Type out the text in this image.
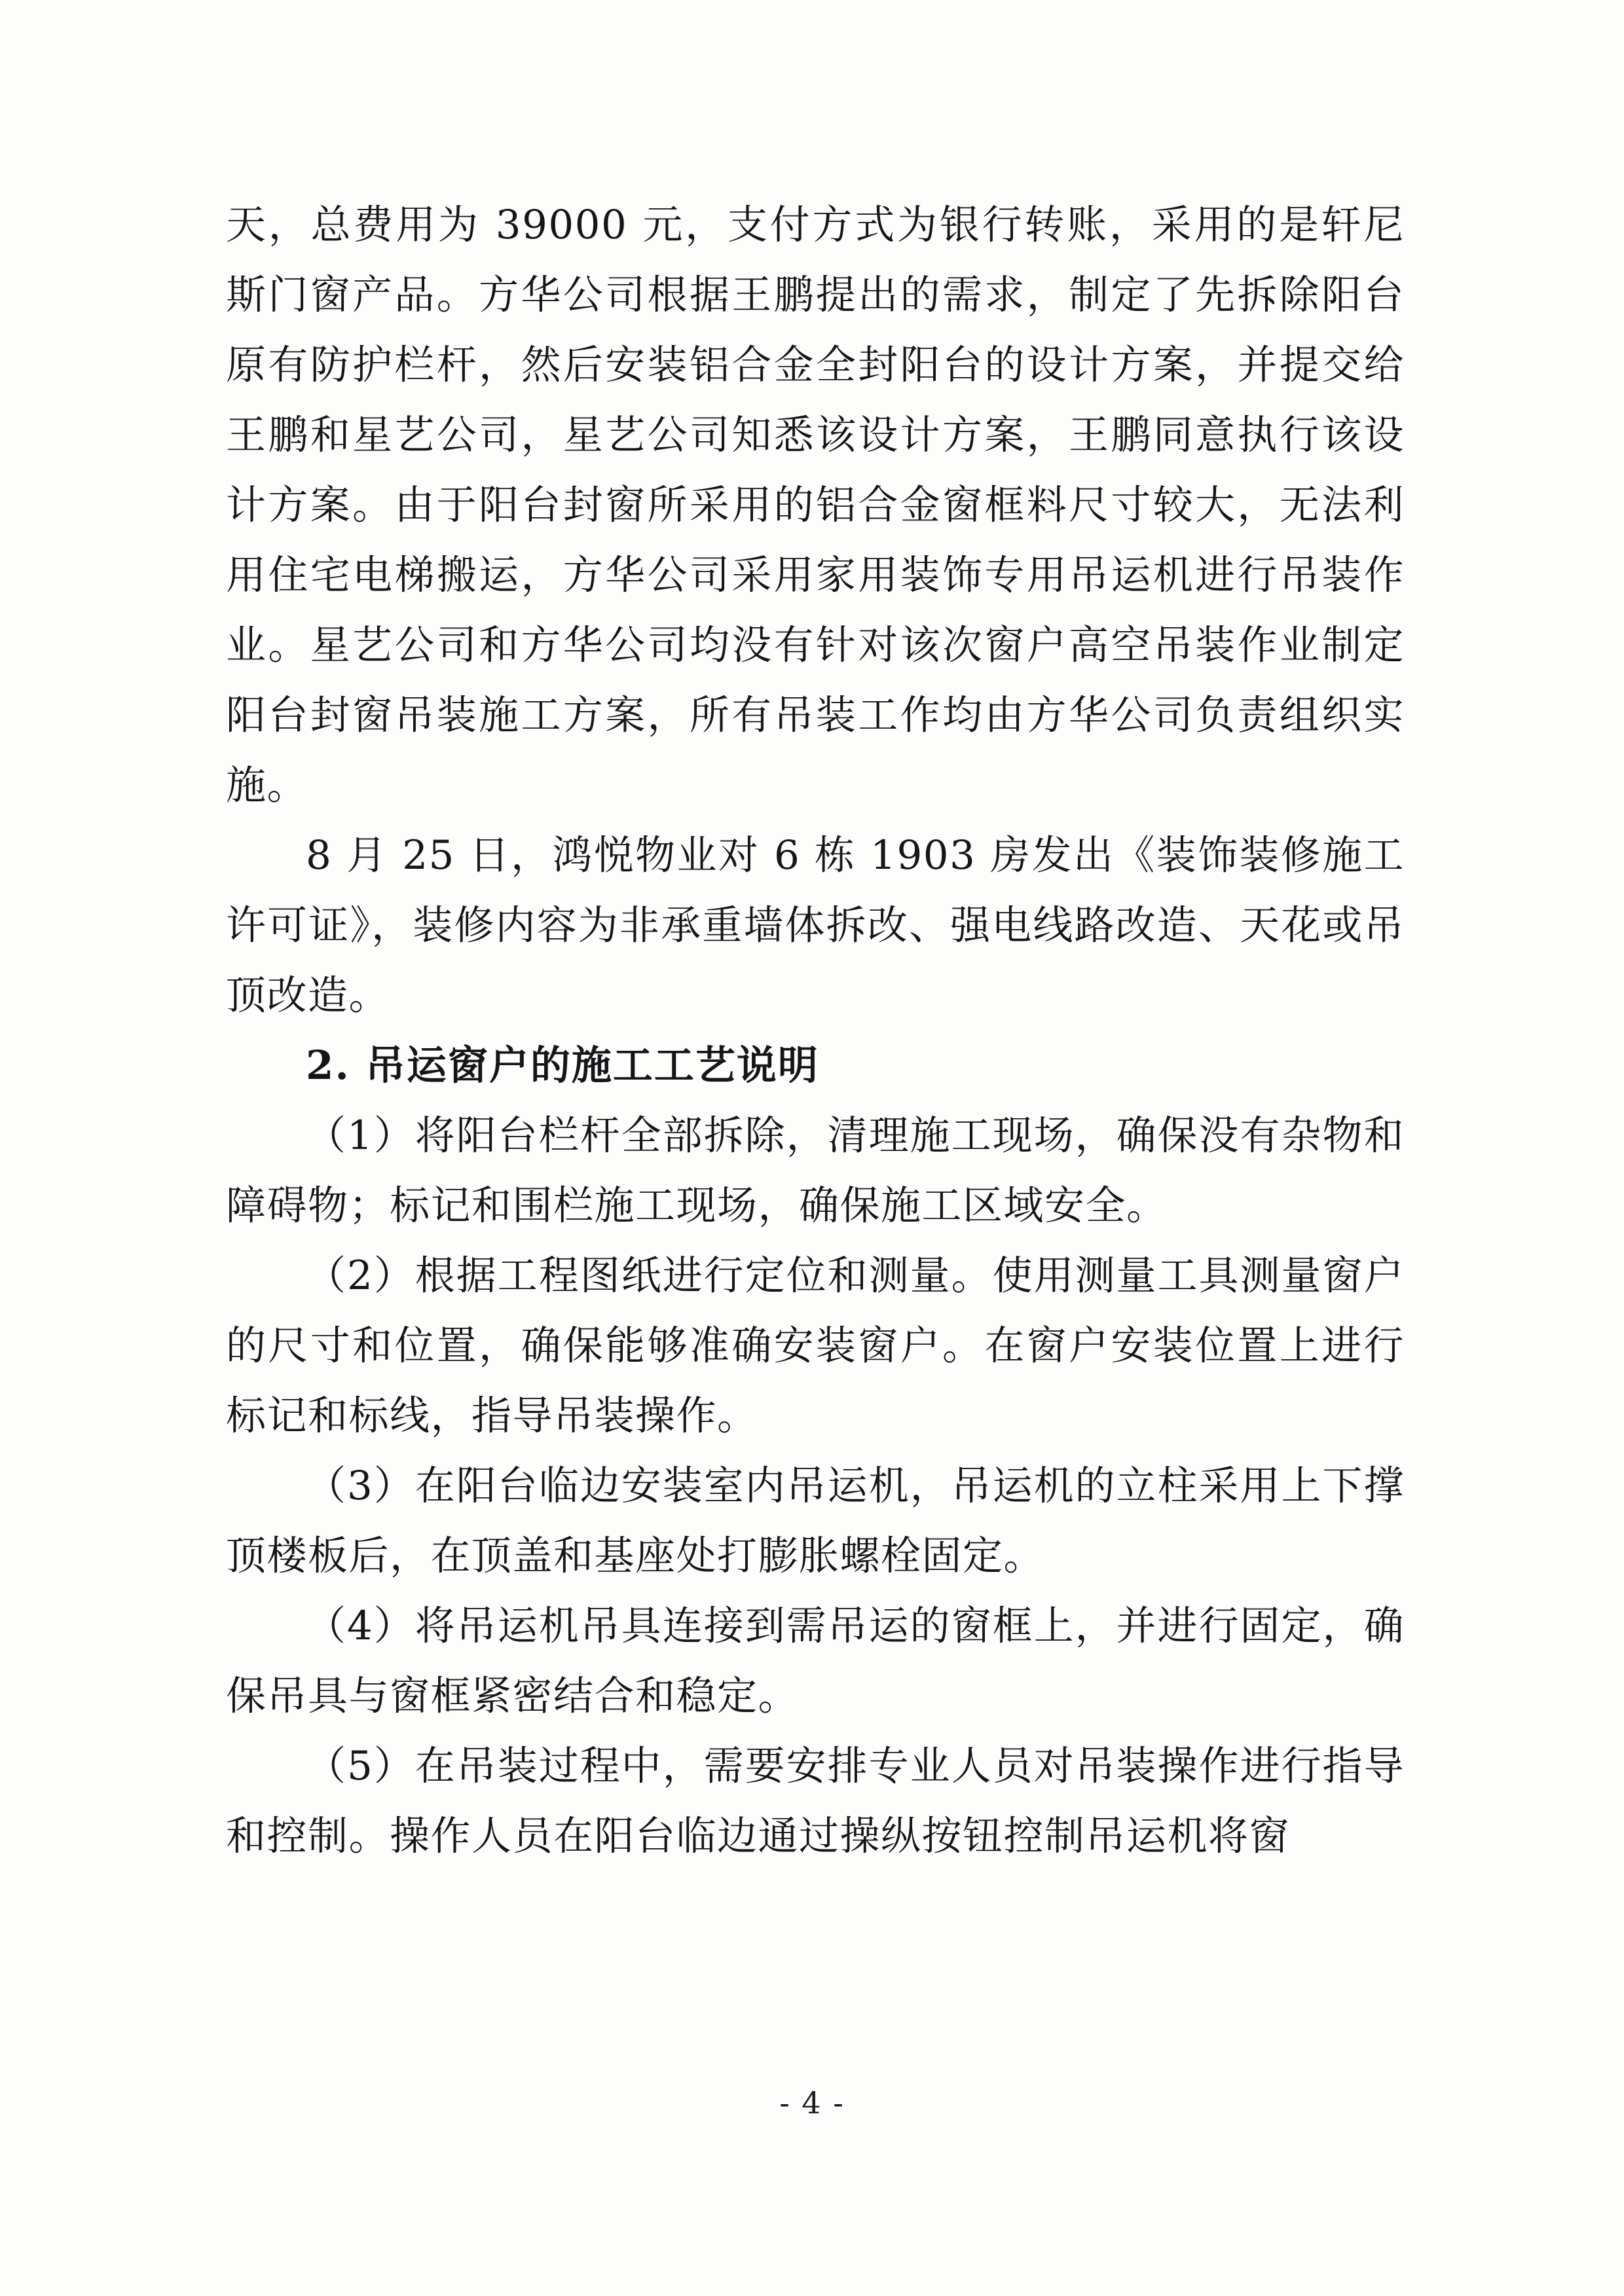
天，总费用为 39000 元，支付方式为银行转账，采用的是轩尼斯门窗产品。方华公司根据王鹏提出的需求，制定了先拆除阳台原有防护栏杆，然后安装铝合金全封阳台的设计方案，并提交给王鹏和星艺公司，星艺公司知悉该设计方案，王鹏同意执行该设计方案。由于阳台封窗所采用的铝合金窗框料尺寸较大，无法利用住宅电梯搬运，方华公司采用家用装饰专用吊运机进行吊装作业。星艺公司和方华公司均没有针对该次窗户高空吊装作业制定阳台封窗吊装施工方案，所有吊装工作均由方华公司负责组织实施。

8 月 25 日，鸿悦物业对 6 栋 1903 房发出《装饰装修施工许可证》，装修内容为非承重墙体拆改、强电线路改造、天花或吊顶改造。

2. 吊运窗户的施工工艺说明

（1）将阳台栏杆全部拆除，清理施工现场，确保没有杂物和障碍物；标记和围栏施工现场，确保施工区域安全。

（2）根据工程图纸进行定位和测量。使用测量工具测量窗户的尺寸和位置，确保能够准确安装窗户。在窗户安装位置上进行标记和标线，指导吊装操作。

（3）在阳台临边安装室内吊运机，吊运机的立柱采用上下撑顶楼板后，在顶盖和基座处打膨胀螺栓固定。

（4）将吊运机吊具连接到需吊运的窗框上，并进行固定，确保吊具与窗框紧密结合和稳定。

（5）在吊装过程中，需要安排专业人员对吊装操作进行指导和控制。操作人员在阳台临边通过操纵按钮控制吊运机将窗

- 4 -
